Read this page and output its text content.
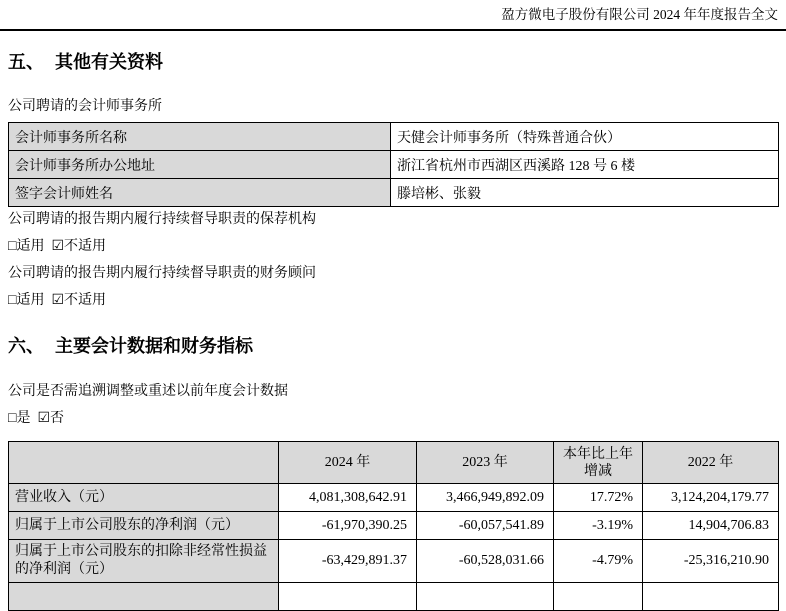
盈方微电子股份有限公司 2024 年年度报告全文
五、 其他有关资料

公司聘请的会计师事务所

会计师事务所名称	天健会计师事务所（特殊普通合伙）
会计师事务所办公地址	浙江省杭州市西湖区西溪路 128 号 6 楼
签字会计师姓名	滕培彬、张毅

公司聘请的报告期内履行持续督导职责的保荐机构

□适用 ☑不适用

公司聘请的报告期内履行持续督导职责的财务顾问

□适用 ☑不适用

六、 主要会计数据和财务指标

公司是否需追溯调整或重述以前年度会计数据

□是 ☑否

	2024 年	2023 年	本年比上年增减	2022 年
营业收入（元）	4,081,308,642.91	3,466,949,892.09	17.72%	3,124,204,179.77
归属于上市公司股东的净利润（元）	-61,970,390.25	-60,057,541.89	-3.19%	14,904,706.83
归属于上市公司股东的扣除非经常性损益的净利润（元）	-63,429,891.37	-60,528,031.66	-4.79%	-25,316,210.90
